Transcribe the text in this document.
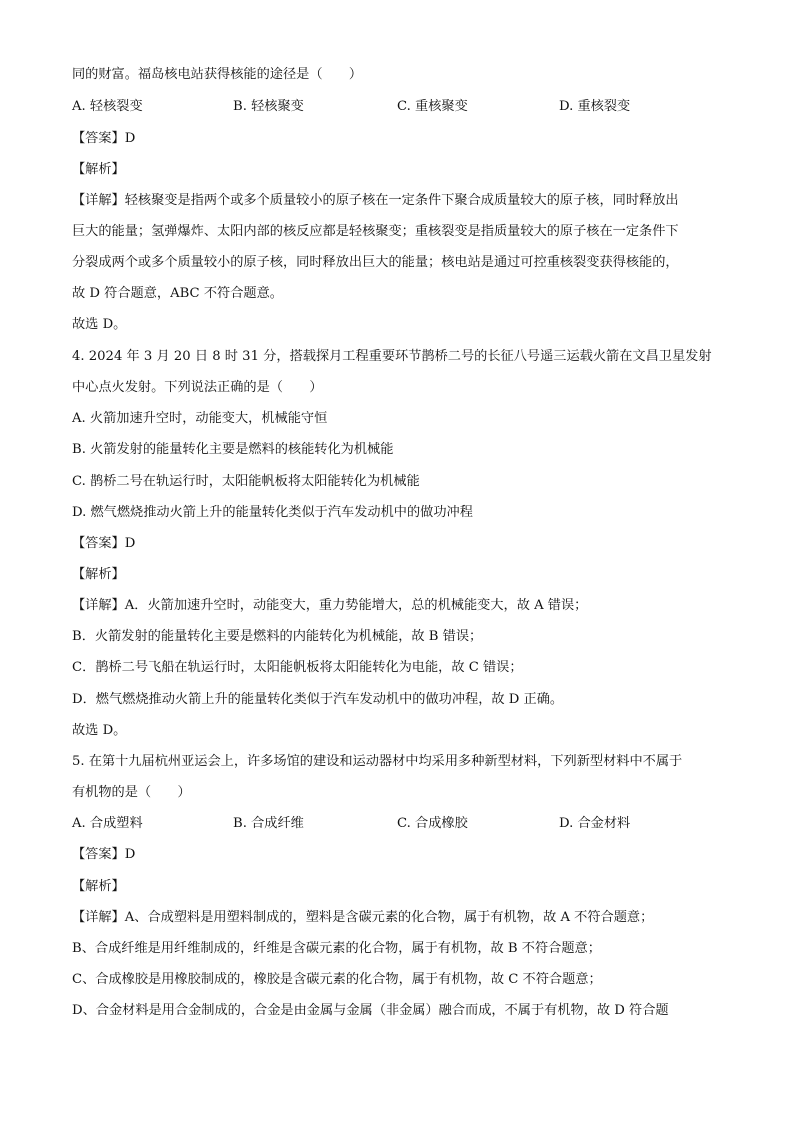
同的财富。福岛核电站获得核能的途径是（　　）
A. 轻核裂变	B. 轻核聚变	C. 重核聚变	D. 重核裂变
【答案】D
【解析】
【详解】轻核聚变是指两个或多个质量较小的原子核在一定条件下聚合成质量较大的原子核，同时释放出
巨大的能量；氢弹爆炸、太阳内部的核反应都是轻核聚变；重核裂变是指质量较大的原子核在一定条件下
分裂成两个或多个质量较小的原子核，同时释放出巨大的能量；核电站是通过可控重核裂变获得核能的，
故 D 符合题意，ABC 不符合题意。
故选 D。
4. 2024 年 3 月 20 日 8 时 31 分，搭载探月工程重要环节鹊桥二号的长征八号遥三运载火箭在文昌卫星发射
中心点火发射。下列说法正确的是（　　）
A. 火箭加速升空时，动能变大，机械能守恒
B. 火箭发射的能量转化主要是燃料的核能转化为机械能
C. 鹊桥二号在轨运行时，太阳能帆板将太阳能转化为机械能
D. 燃气燃烧推动火箭上升的能量转化类似于汽车发动机中的做功冲程
【答案】D
【解析】
【详解】A．火箭加速升空时，动能变大，重力势能增大，总的机械能变大，故 A 错误；
B．火箭发射的能量转化主要是燃料的内能转化为机械能，故 B 错误；
C．鹊桥二号飞船在轨运行时，太阳能帆板将太阳能转化为电能，故 C 错误；
D．燃气燃烧推动火箭上升的能量转化类似于汽车发动机中的做功冲程，故 D 正确。
故选 D。
5. 在第十九届杭州亚运会上，许多场馆的建设和运动器材中均采用多种新型材料，下列新型材料中不属于
有机物的是（　　）
A. 合成塑料	B. 合成纤维	C. 合成橡胶	D. 合金材料
【答案】D
【解析】
【详解】A、合成塑料是用塑料制成的，塑料是含碳元素的化合物，属于有机物，故 A 不符合题意；
B、合成纤维是用纤维制成的，纤维是含碳元素的化合物，属于有机物，故 B 不符合题意；
C、合成橡胶是用橡胶制成的，橡胶是含碳元素的化合物，属于有机物，故 C 不符合题意；
D、合金材料是用合金制成的，合金是由金属与金属（非金属）融合而成，不属于有机物，故 D 符合题
